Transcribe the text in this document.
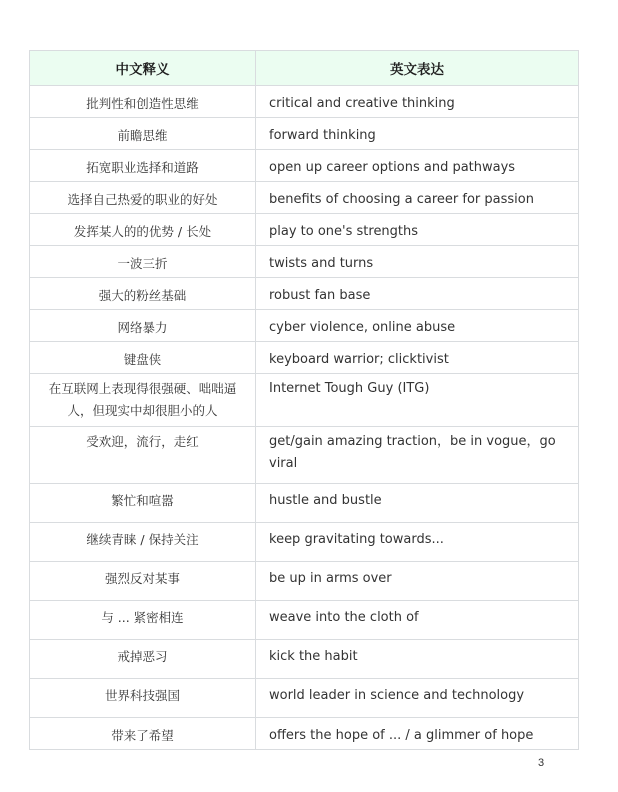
中文释义	英文表达
批判性和创造性思维	critical and creative thinking
前瞻思维	forward thinking
拓宽职业选择和道路	open up career options and pathways
选择自己热爱的职业的好处	benefits of choosing a career for passion
发挥某人的的优势 / 长处	play to one's strengths
一波三折	twists and turns
强大的粉丝基础	robust fan base
网络暴力	cyber violence, online abuse
键盘侠	keyboard warrior; clicktivist
在互联网上表现得很强硬、咄咄逼人，但现实中却很胆小的人	Internet Tough Guy (ITG)
受欢迎，流行，走红	get/gain amazing traction，be in vogue，go viral
繁忙和喧嚣	hustle and bustle
继续青睐 / 保持关注	keep gravitating towards...
强烈反对某事	be up in arms over
与 ... 紧密相连	weave into the cloth of
戒掉恶习	kick the habit
世界科技强国	world leader in science and technology
带来了希望	offers the hope of ... / a glimmer of hope
3
